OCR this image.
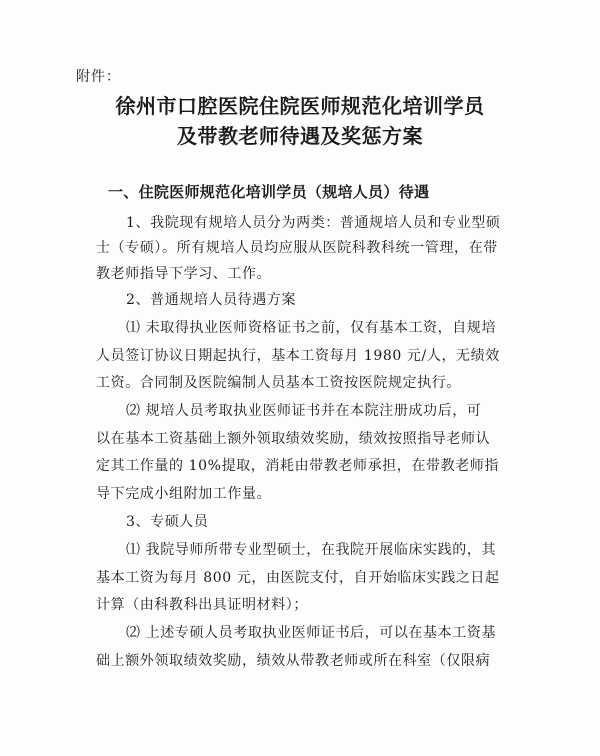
附件：
徐州市口腔医院住院医师规范化培训学员
及带教老师待遇及奖惩方案
一、住院医师规范化培训学员（规培人员）待遇
1、我院现有规培人员分为两类：普通规培人员和专业型硕
士（专硕）。所有规培人员均应服从医院科教科统一管理，在带
教老师指导下学习、工作。
2、普通规培人员待遇方案
⑴ 未取得执业医师资格证书之前，仅有基本工资，自规培
人员签订协议日期起执行，基本工资每月 1980 元/人，无绩效
工资。合同制及医院编制人员基本工资按医院规定执行。
⑵ 规培人员考取执业医师证书并在本院注册成功后，可
以在基本工资基础上额外领取绩效奖励，绩效按照指导老师认
定其工作量的 10%提取，消耗由带教老师承担，在带教老师指
导下完成小组附加工作量。
3、专硕人员
⑴ 我院导师所带专业型硕士，在我院开展临床实践的，其
基本工资为每月 800 元，由医院支付，自开始临床实践之日起
计算（由科教科出具证明材料）；
⑵ 上述专硕人员考取执业医师证书后，可以在基本工资基
础上额外领取绩效奖励，绩效从带教老师或所在科室（仅限病
